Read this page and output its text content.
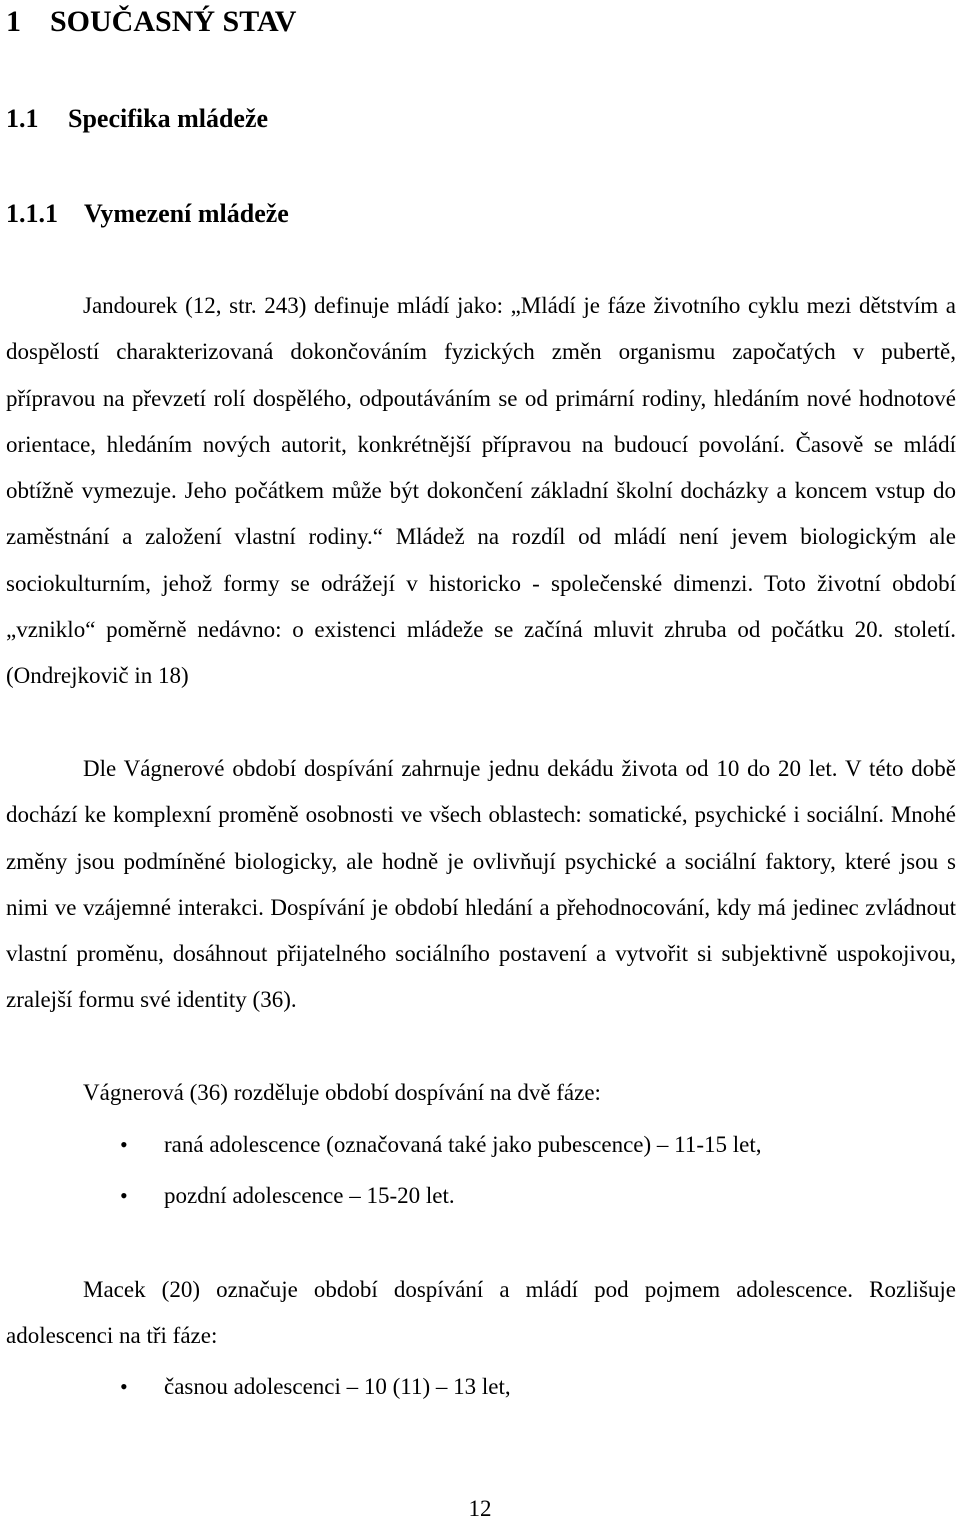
1 SOUČASNÝ STAV
1.1 Specifika mládeže
1.1.1 Vymezení mládeže

Jandourek (12, str. 243) definuje mládí jako: „Mládí je fáze životního cyklu mezi dětstvím a dospělostí charakterizovaná dokončováním fyzických změn organismu započatých v pubertě, přípravou na převzetí rolí dospělého, odpoutáváním se od primární rodiny, hledáním nové hodnotové orientace, hledáním nových autorit, konkrétnější přípravou na budoucí povolání. Časově se mládí obtížně vymezuje. Jeho počátkem může být dokončení základní školní docházky a koncem vstup do zaměstnání a založení vlastní rodiny.“ Mládež na rozdíl od mládí není jevem biologickým ale sociokulturním, jehož formy se odrážejí v historicko - společenské dimenzi. Toto životní období „vzniklo“ poměrně nedávno: o existenci mládeže se začíná mluvit zhruba od počátku 20. století. (Ondrejkovič in 18)

Dle Vágnerové období dospívání zahrnuje jednu dekádu života od 10 do 20 let. V této době dochází ke komplexní proměně osobnosti ve všech oblastech: somatické, psychické i sociální. Mnohé změny jsou podmíněné biologicky, ale hodně je ovlivňují psychické a sociální faktory, které jsou s nimi ve vzájemné interakci. Dospívání je období hledání a přehodnocování, kdy má jedinec zvládnout vlastní proměnu, dosáhnout přijatelného sociálního postavení a vytvořit si subjektivně uspokojivou, zralejší formu své identity (36).

Vágnerová (36) rozděluje období dospívání na dvě fáze:

• raná adolescence (označovaná také jako pubescence) – 11-15 let,
• pozdní adolescence – 15-20 let.

Macek (20) označuje období dospívání a mládí pod pojmem adolescence. Rozlišuje adolescenci na tři fáze:

• časnou adolescenci – 10 (11) – 13 let,
12
